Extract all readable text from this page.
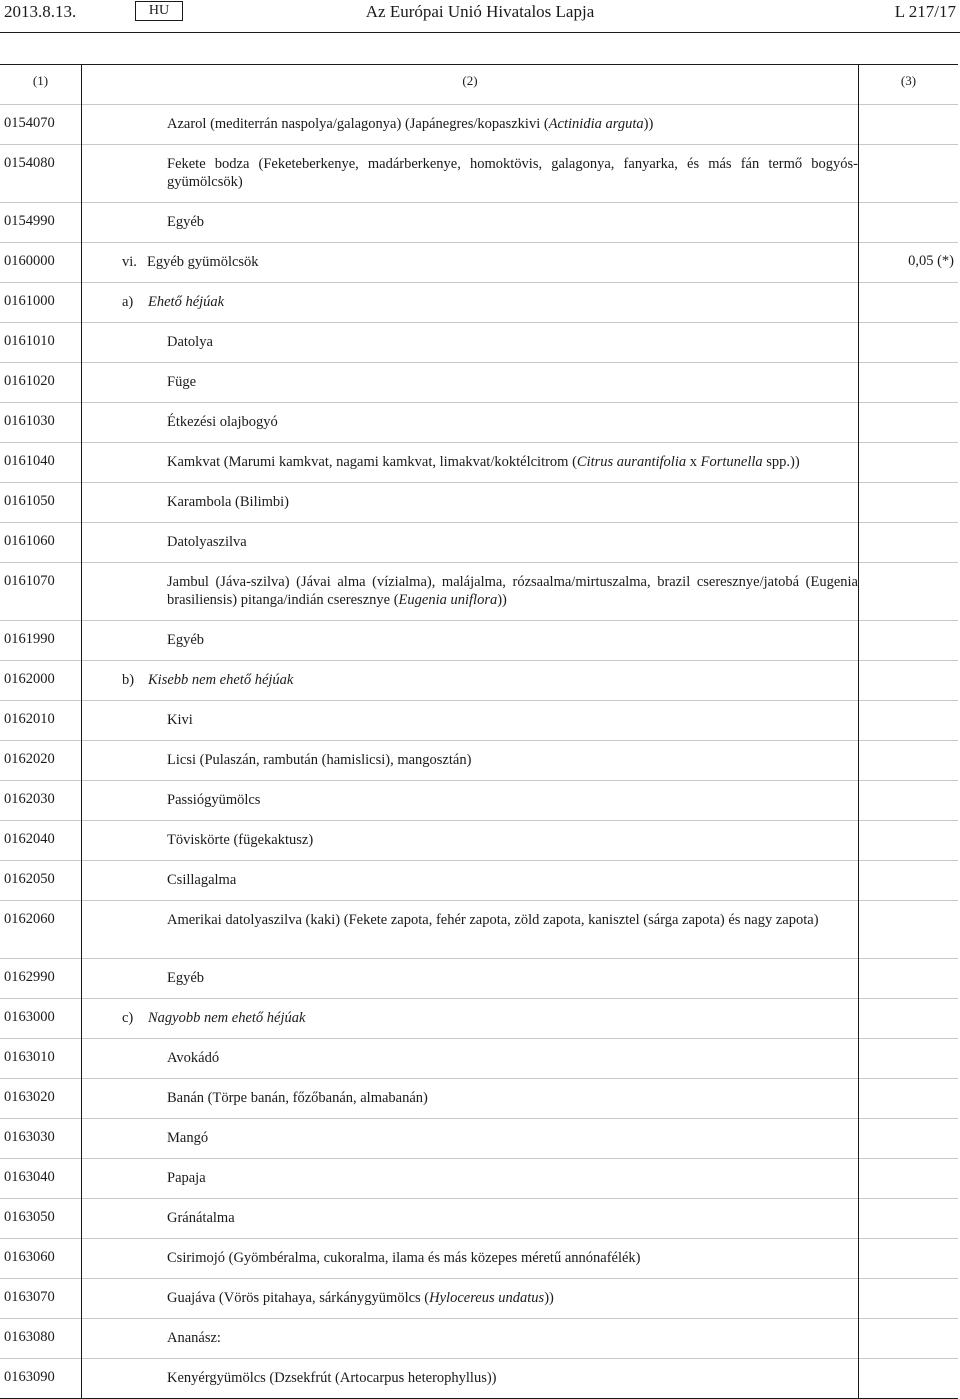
2013.8.13.	HU	Az Európai Unió Hivatalos Lapja	L 217/17
(1)	(2)	(3)
0154070	Azarol (mediterrán naspolya/galagonya) (Japánegres/kopaszkivi (Actinidia arguta))	

0154080	Fekete bodza (Feketeberkenye, madárberkenye, homoktövis, galagonya, fanyarka, és más fán termő bogyós-gyümölcsök)	

0154990	Egyéb	

0160000	vi. Egyéb gyümölcsök	0,05 (*)
0161000	a) Ehető héjúak	

0161010	Datolya	

0161020	Füge	

0161030	Étkezési olajbogyó	

0161040	Kamkvat (Marumi kamkvat, nagami kamkvat, limakvat/koktélcitrom (Citrus aurantifolia x Fortunella spp.))	

0161050	Karambola (Bilimbi)	

0161060	Datolyaszilva	

0161070	Jambul (Jáva-szilva) (Jávai alma (vízialma), malájalma, rózsaalma/mirtuszalma, brazil cseresznye/jatobá (Eugenia brasiliensis) pitanga/indián cseresznye (Eugenia uniflora))	

0161990	Egyéb	

0162000	b) Kisebb nem ehető héjúak	

0162010	Kivi	

0162020	Licsi (Pulaszán, rambután (hamislicsi), mangosztán)	

0162030	Passiógyümölcs	

0162040	Töviskörte (fügekaktusz)	

0162050	Csillagalma	

0162060	Amerikai datolyaszilva (kaki) (Fekete zapota, fehér zapota, zöld zapota, kanisztel (sárga zapota) és nagy zapota)	

0162990	Egyéb	

0163000	c) Nagyobb nem ehető héjúak	

0163010	Avokádó	

0163020	Banán (Törpe banán, főzőbanán, almabanán)	

0163030	Mangó	

0163040	Papaja	

0163050	Gránátalma	

0163060	Csirimojó (Gyömbéralma, cukoralma, ilama és más közepes méretű annónafélék)	

0163070	Guajáva (Vörös pitahaya, sárkánygyümölcs (Hylocereus undatus))	

0163080	Ananász:	

0163090	Kenyérgyümölcs (Dzsekfrút (Artocarpus heterophyllus))	
